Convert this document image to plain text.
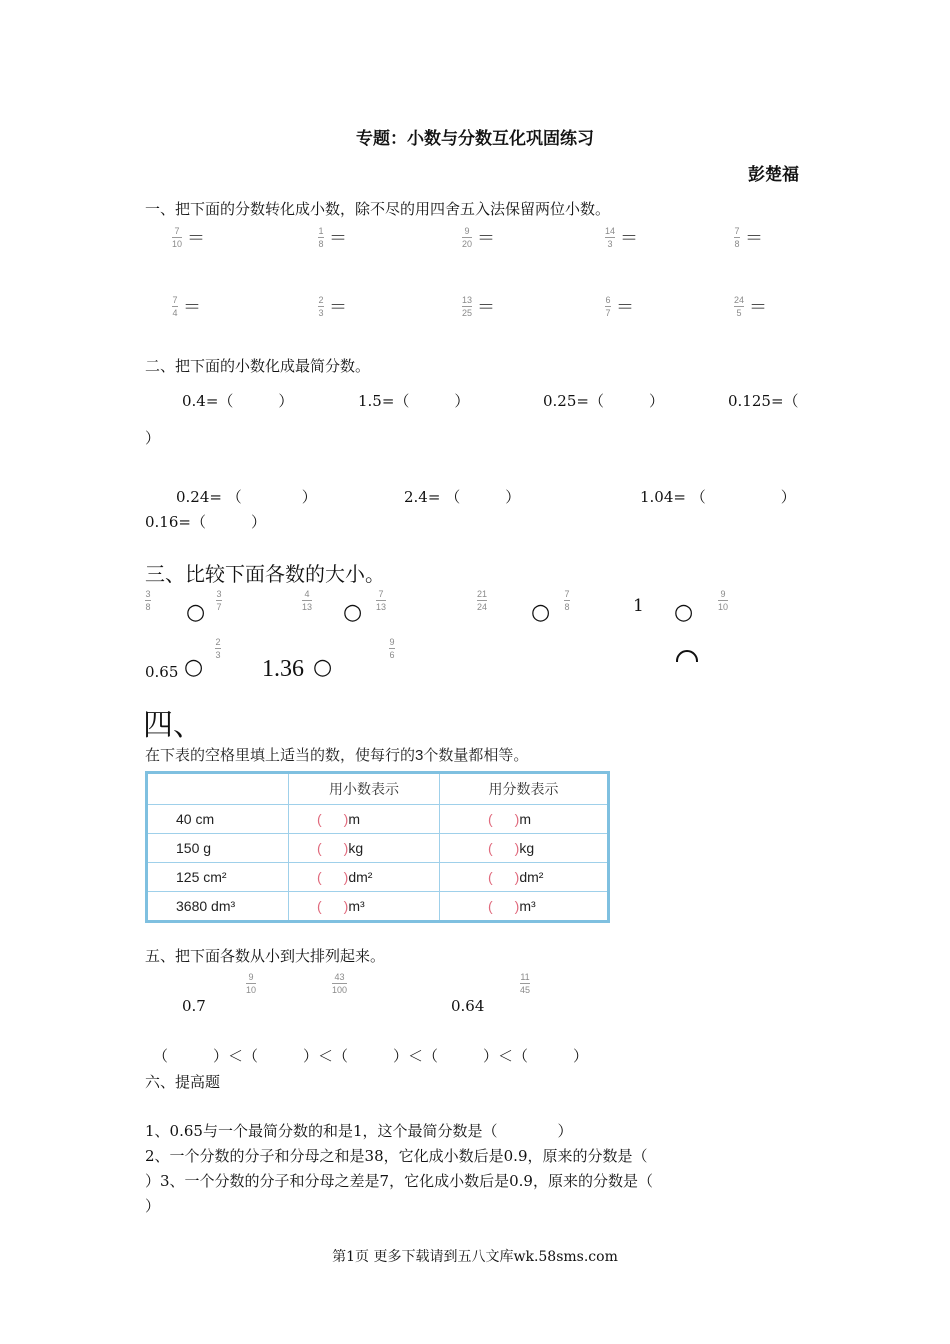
专题：小数与分数互化巩固练习
彭楚福
一、把下面的分数转化成小数，除不尽的用四舍五入法保留两位小数。
$\frac{7}{10}$ ＝	$\frac{1}{8}$ ＝	$\frac{9}{20}$ ＝	$\frac{14}{3}$ ＝	$\frac{7}{8}$ ＝
$\frac{7}{4}$ ＝	$\frac{2}{3}$ ＝	$\frac{13}{25}$ ＝	$\frac{6}{7}$ ＝	$\frac{24}{5}$ ＝
二、把下面的小数化成最简分数。
0.4=（　　　）	1.5=（　　　）	0.25=（　　　）	0.125=（
）
0.24= （　　　　）	2.4= （　　　）	1.04= （　　　　　）
0.16=（　　　）
三、比较下面各数的大小。
$\frac{3}{8}$ ○ $\frac{3}{7}$	$\frac{4}{13}$ ○ $\frac{7}{13}$	$\frac{21}{24}$ ○ $\frac{7}{8}$	1 ○	$\frac{9}{10}$
$\frac{2}{3}$	$\frac{9}{6}$
0.65 ○ 1.36 ○
四、
在下表的空格里填上适当的数，使每行的3个数量都相等。
	用小数表示	用分数表示
40 cm	( )m	( )m
150 g	( )kg	( )kg
125 cm²	( )dm²	( )dm²
3680 dm³	( )m³	( )m³
五、把下面各数从小到大排列起来。
$\frac{9}{10}$	$\frac{43}{100}$	$\frac{11}{45}$
0.7	0.64
（　　　）＜（　　　）＜（　　　）＜（　　　）＜（　　　）
六、提高题
1、0.65与一个最简分数的和是1，这个最简分数是（　　　　）
2、一个分数的分子和分母之和是38，它化成小数后是0.9，原来的分数是（
）3、一个分数的分子和分母之差是7，它化成小数后是0.9，原来的分数是（
）
第1页 更多下载请到五八文库wk.58sms.com
